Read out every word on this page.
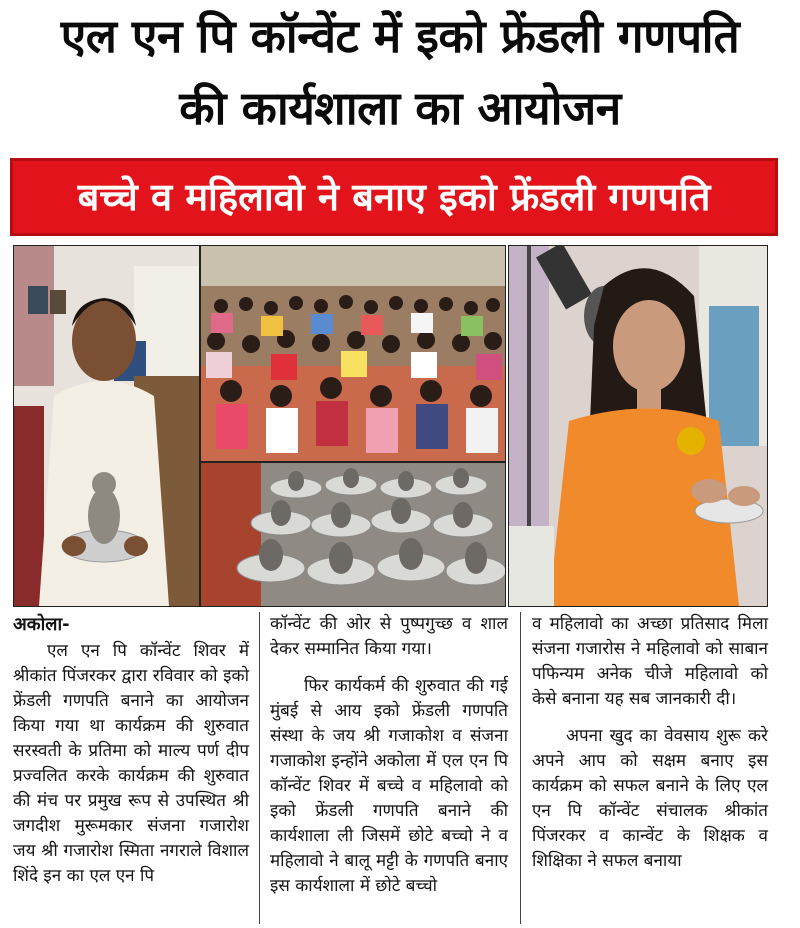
एल एन पि कॉन्वेंट में इको फ्रेंडली गणपति
की कार्यशाला का आयोजन
बच्चे व महिलावो ने बनाए इको फ्रेंडली गणपति
अकोला-

एल एन पि कॉन्वेंट शिवर में श्रीकांत पिंजरकर द्वारा रविवार को इको फ्रेंडली गणपति बनाने का आयोजन किया गया था कार्यक्रम की शुरुवात सरस्वती के प्रतिमा को माल्य पर्ण दीप प्रज्वलित करके कार्यक्रम की शुरुवात की मंच पर प्रमुख रूप से उपस्थित श्री जगदीश मुरूमकार संजना गजारोश जय श्री गजारोश स्मिता नगराले विशाल शिंदे इन का एल एन पि

कॉन्वेंट की ओर से पुष्पगुच्छ व शाल देकर सम्मानित किया गया।

फिर कार्यकर्म की शुरुवात की गई मुंबई से आय इको फ्रेंडली गणपति संस्था के जय श्री गजाकोश व संजना गजाकोश इन्होंने अकोला में एल एन पि कॉन्वेंट शिवर में बच्चे व महिलावो को इको फ्रेंडली गणपति बनाने की कार्यशाला ली जिसमें छोटे बच्चो ने व महिलावो ने बालू मट्टी के गणपति बनाए इस कार्यशाला में छोटे बच्चो

व महिलावो का अच्छा प्रतिसाद मिला संजना गजारोस ने महिलावो को साबान पफिन्यम अनेक चीजे महिलावो को केसे बनाना यह सब जानकारी दी।

अपना खुद का वेवसाय शुरू करे अपने आप को सक्षम बनाए इस कार्यक्रम को सफल बनाने के लिए एल एन पि कॉन्वेंट संचालक श्रीकांत पिंजरकर व कान्वेंट के शिक्षक व शिक्षिका ने सफल बनाया
